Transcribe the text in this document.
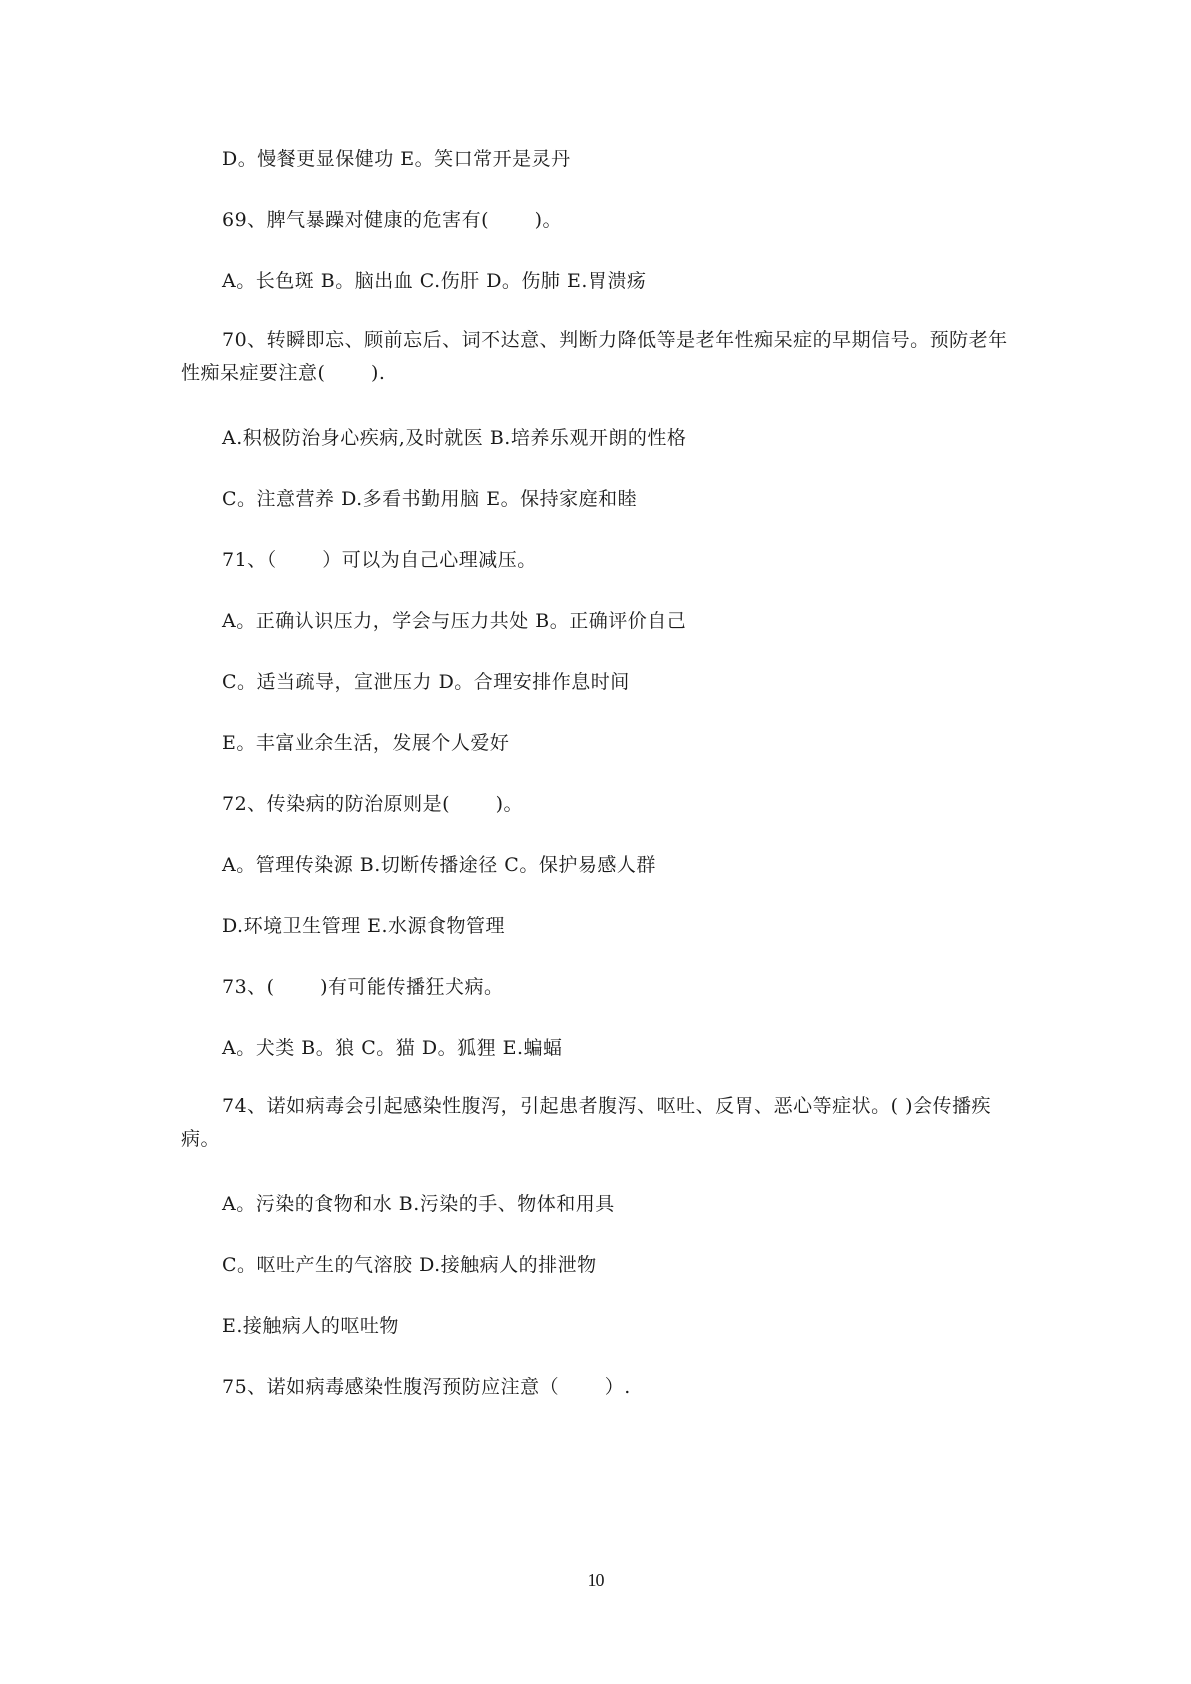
D。慢餐更显保健功 E。笑口常开是灵丹
69、脾气暴躁对健康的危害有(　　 )。
A。长色斑 B。脑出血 C.伤肝 D。伤肺 E.胃溃疡
70、转瞬即忘、顾前忘后、词不达意、判断力降低等是老年性痴呆症的早期信号。预防老年性痴呆症要注意(　　 ).
A.积极防治身心疾病,及时就医 B.培养乐观开朗的性格
C。注意营养 D.多看书勤用脑 E。保持家庭和睦
71、（　　 ）可以为自己心理减压。
A。正确认识压力，学会与压力共处 B。正确评价自己
C。适当疏导，宣泄压力 D。合理安排作息时间
E。丰富业余生活，发展个人爱好
72、传染病的防治原则是(　　 )。
A。管理传染源 B.切断传播途径 C。保护易感人群
D.环境卫生管理 E.水源食物管理
73、(　　 )有可能传播狂犬病。
A。犬类 B。狼 C。猫 D。狐狸 E.蝙蝠
74、诺如病毒会引起感染性腹泻，引起患者腹泻、呕吐、反胃、恶心等症状。( )会传播疾病。
A。污染的食物和水 B.污染的手、物体和用具
C。呕吐产生的气溶胶 D.接触病人的排泄物
E.接触病人的呕吐物
75、诺如病毒感染性腹泻预防应注意（　　 ）.
10
